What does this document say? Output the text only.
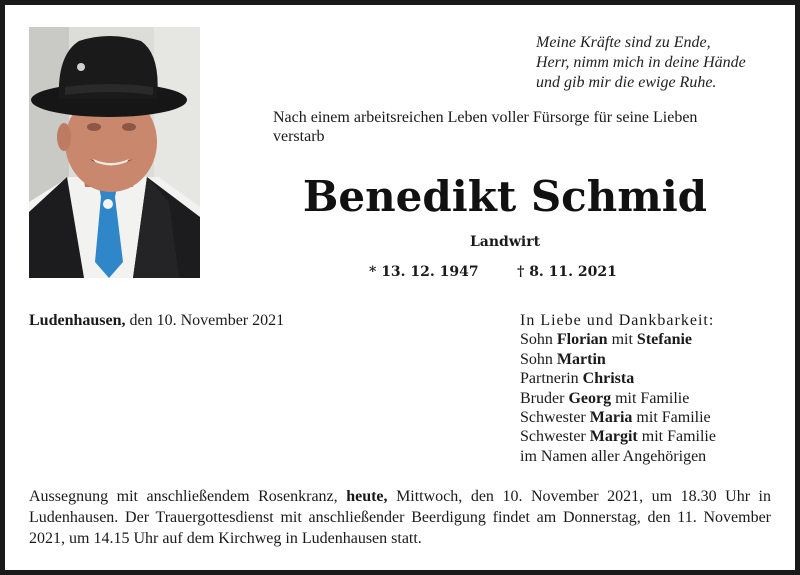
Meine Kräfte sind zu Ende,
Herr, nimm mich in deine Hände
und gib mir die ewige Ruhe.
Nach einem arbeitsreichen Leben voller Fürsorge für seine Lieben verstarb
Benedikt Schmid
Landwirt
* 13. 12. 1947	† 8. 11. 2021
Ludenhausen, den 10. November 2021	In Liebe und Dankbarkeit:
Sohn Florian mit Stefanie
Sohn Martin
Partnerin Christa
Bruder Georg mit Familie
Schwester Maria mit Familie
Schwester Margit mit Familie
im Namen aller Angehörigen
Aussegnung mit anschließendem Rosenkranz, heute, Mittwoch, den 10. November 2021, um 18.30 Uhr in Ludenhausen. Der Trauergottesdienst mit anschließender Beerdigung findet am Donnerstag, den 11. November 2021, um 14.15 Uhr auf dem Kirchweg in Ludenhausen statt.
